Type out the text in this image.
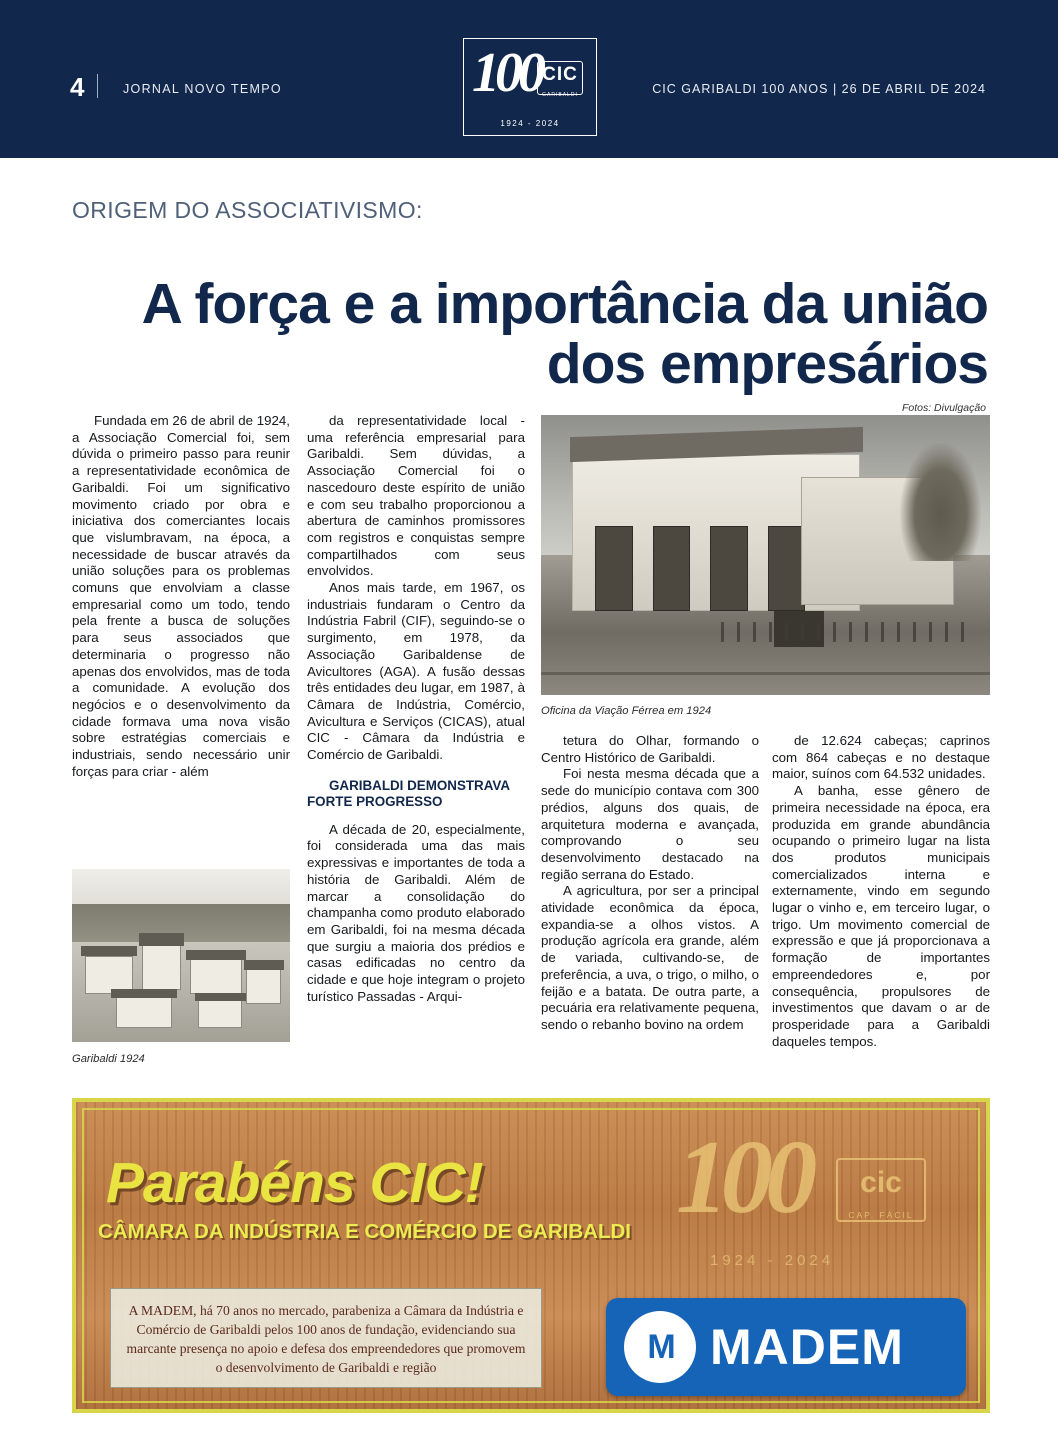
4	JORNAL NOVO TEMPO	CIC GARIBALDI 100 ANOS | 26 DE ABRIL DE 2024
100 CIC
GARIBALDI
1924 - 2024
ORIGEM DO ASSOCIATIVISMO:
A força e a importância da união dos empresários
Fotos: Divulgação
Oficina da Viação Férrea em 1924
Garibaldi 1924

Fundada em 26 de abril de 1924, a Associação Comercial foi, sem dúvida o primeiro passo para reunir a representatividade econômica de Garibaldi. Foi um significativo movimento criado por obra e iniciativa dos comerciantes locais que vislumbravam, na época, a necessidade de buscar através da união soluções para os problemas comuns que envolviam a classe empresarial como um todo, tendo pela frente a busca de soluções para seus associados que determinaria o progresso não apenas dos envolvidos, mas de toda a comunidade. A evolução dos negócios e o desenvolvimento da cidade formava uma nova visão sobre estratégias comerciais e industriais, sendo necessário unir forças para criar - além

da representatividade local - uma referência empresarial para Garibaldi. Sem dúvidas, a Associação Comercial foi o nascedouro deste espírito de união e com seu trabalho proporcionou a abertura de caminhos promissores com registros e conquistas sempre compartilhados com seus envolvidos.

Anos mais tarde, em 1967, os industriais fundaram o Centro da Indústria Fabril (CIF), seguindo-se o surgimento, em 1978, da Associação Garibaldense de Avicultores (AGA). A fusão dessas três entidades deu lugar, em 1987, à Câmara de Indústria, Comércio, Avicultura e Serviços (CICAS), atual CIC - Câmara da Indústria e Comércio de Garibaldi.

GARIBALDI DEMONSTRAVA FORTE PROGRESSO

A década de 20, especialmente, foi considerada uma das mais expressivas e importantes de toda a história de Garibaldi. Além de marcar a consolidação do champanha como produto elaborado em Garibaldi, foi na mesma década que surgiu a maioria dos prédios e casas edificadas no centro da cidade e que hoje integram o projeto turístico Passadas - Arqui-

tetura do Olhar, formando o Centro Histórico de Garibaldi.

Foi nesta mesma década que a sede do município contava com 300 prédios, alguns dos quais, de arquitetura moderna e avançada, comprovando o seu desenvolvimento destacado na região serrana do Estado.

A agricultura, por ser a principal atividade econômica da época, expandia-se a olhos vistos. A produção agrícola era grande, além de variada, cultivando-se, de preferência, a uva, o trigo, o milho, o feijão e a batata. De outra parte, a pecuária era relativamente pequena, sendo o rebanho bovino na ordem

de 12.624 cabeças; caprinos com 864 cabeças e no destaque maior, suínos com 64.532 unidades.

A banha, esse gênero de primeira necessidade na época, era produzida em grande abundância ocupando o primeiro lugar na lista dos produtos municipais comercializados interna e externamente, vindo em segundo lugar o vinho e, em terceiro lugar, o trigo. Um movimento comercial de expressão e que já proporcionava a formação de importantes empreendedores e, por consequência, propulsores de investimentos que davam o ar de prosperidade para a Garibaldi daqueles tempos.

Parabéns CIC!
CÂMARA DA INDÚSTRIA E COMÉRCIO DE GARIBALDI 100	cic
CAP. FÁCIL
1924 - 2024
A MADEM, há 70 anos no mercado, parabeniza a Câmara da Indústria e Comércio de Garibaldi pelos 100 anos de fundação, evidenciando sua marcante presença no apoio e defesa dos empreendedores que promovem o desenvolvimento de Garibaldi e região
M MADEM
